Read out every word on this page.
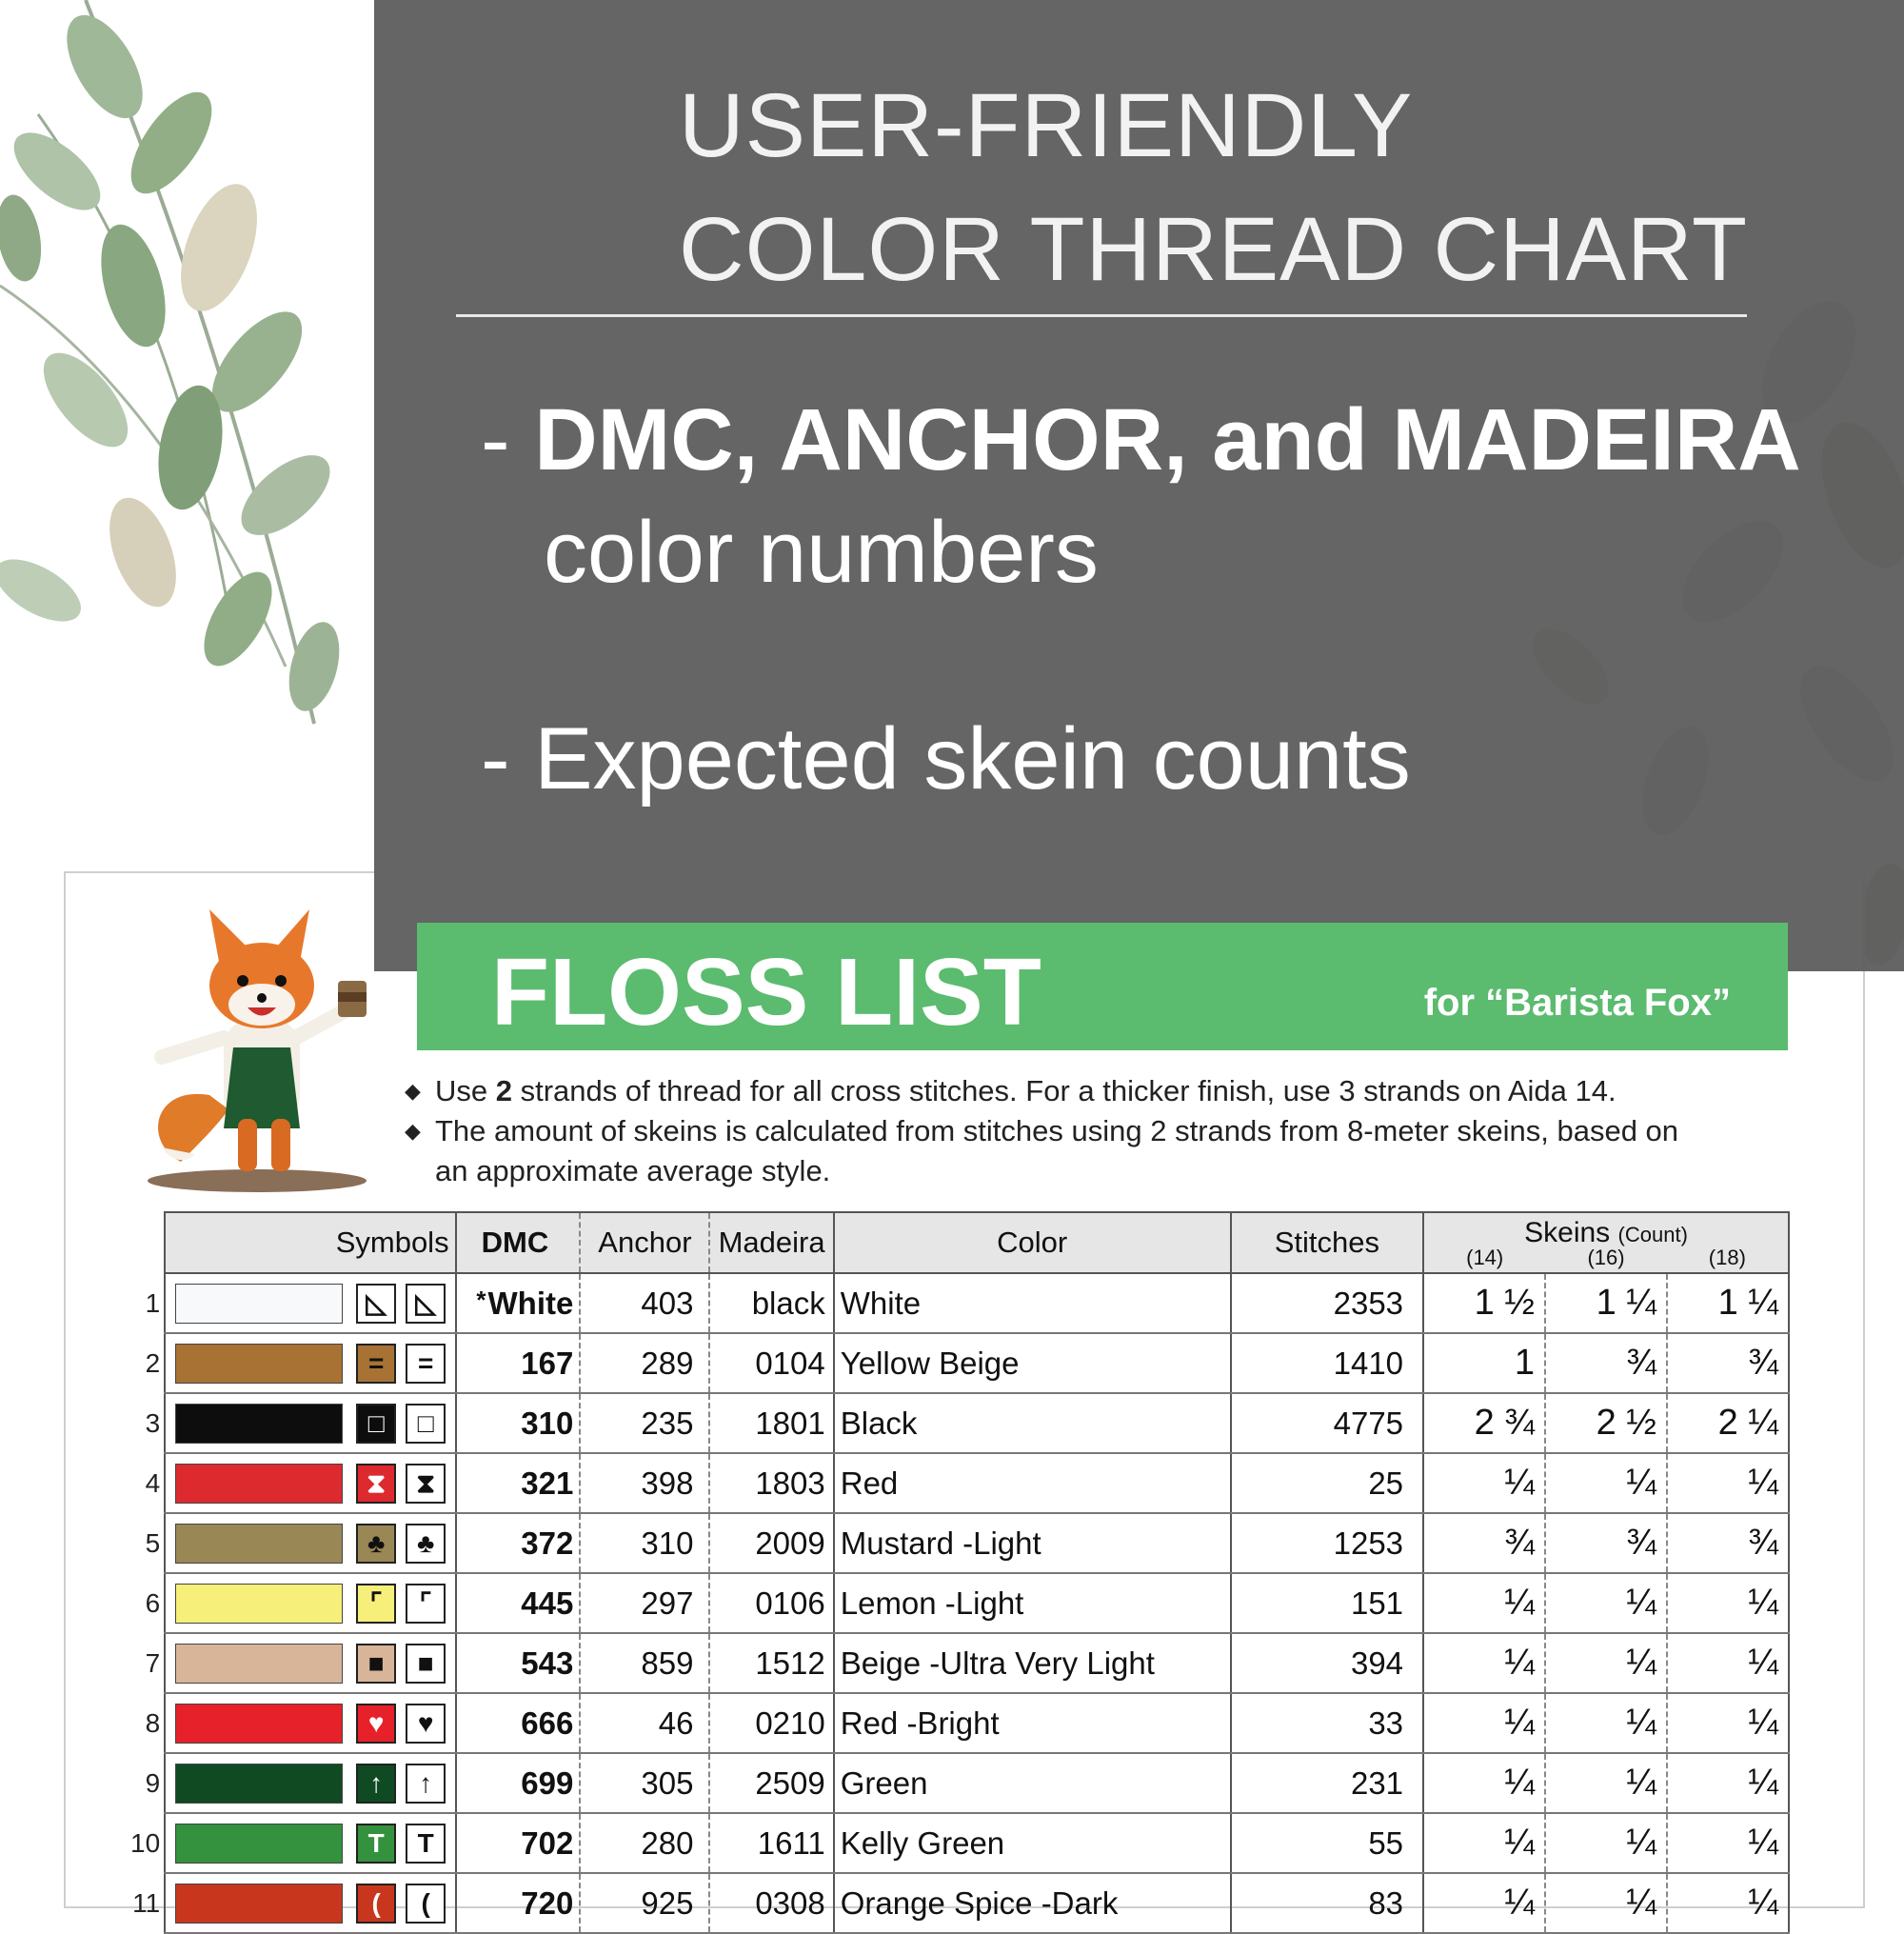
USER-FRIENDLY
COLOR THREAD CHART
- DMC, ANCHOR, and MADEIRA
color numbers
- Expected skein counts
FLOSS LIST	for “Barista Fox”
◆ Use 2 strands of thread for all cross stitches. For a thicker finish, use 3 strands on Aida 14.
◆ The amount of skeins is calculated from stitches using 2 strands from 8-meter skeins, based on
an approximate average style.
	Symbols	DMC	Anchor	Madeira	Color	Stitches	Skeins (Count)
(14) (16) (18)		

1	◺ ◺	*White	403	black	White	2353	1 ½	1 ¼	1 ¼
2	= =	167	289	0104	Yellow Beige	1410	1	¾	¾
3	□ □	310	235	1801	Black	4775	2 ¾	2 ½	2 ¼
4	⧗ ⧗	321	398	1803	Red	25	¼	¼	¼
5	♣ ♣	372	310	2009	Mustard -Light	1253	¾	¾	¾
6	⌜ ⌜	445	297	0106	Lemon -Light	151	¼	¼	¼
7	■ ■	543	859	1512	Beige -Ultra Very Light	394	¼	¼	¼
8	♥ ♥	666	46	0210	Red -Bright	33	¼	¼	¼
9	↑ ↑	699	305	2509	Green	231	¼	¼	¼
10	T T	702	280	1611	Kelly Green	55	¼	¼	¼
11	( (	720	925	0308	Orange Spice -Dark	83	¼	¼	¼
